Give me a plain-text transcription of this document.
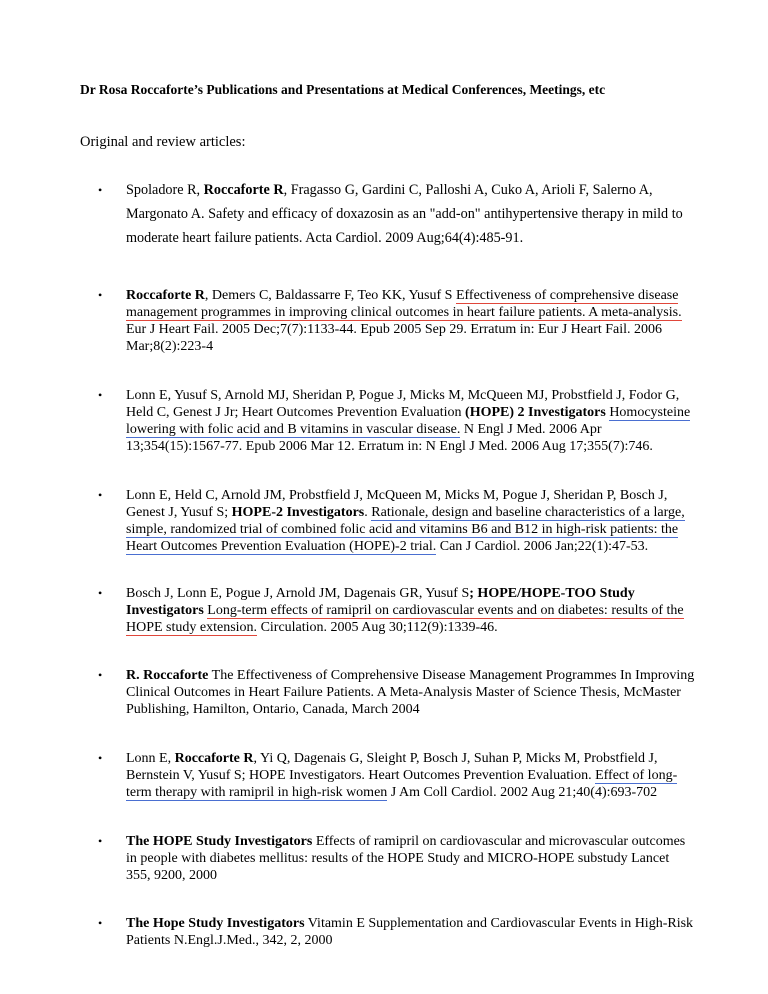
Dr Rosa Roccaforte’s Publications and Presentations at Medical Conferences, Meetings, etc
Original and review articles:
• Spoladore R, Roccaforte R, Fragasso G, Gardini C, Palloshi A, Cuko A, Arioli F, Salerno A, Margonato A. Safety and efficacy of doxazosin as an "add-on" antihypertensive therapy in mild to moderate heart failure patients. Acta Cardiol. 2009 Aug;64(4):485-91.
• Roccaforte R, Demers C, Baldassarre F, Teo KK, Yusuf S Effectiveness of comprehensive disease management programmes in improving clinical outcomes in heart failure patients. A meta-analysis. Eur J Heart Fail. 2005 Dec;7(7):1133-44. Epub 2005 Sep 29. Erratum in: Eur J Heart Fail. 2006 Mar;8(2):223-4
• Lonn E, Yusuf S, Arnold MJ, Sheridan P, Pogue J, Micks M, McQueen MJ, Probstfield J, Fodor G, Held C, Genest J Jr; Heart Outcomes Prevention Evaluation (HOPE) 2 Investigators Homocysteine lowering with folic acid and B vitamins in vascular disease. N Engl J Med. 2006 Apr 13;354(15):1567-77. Epub 2006 Mar 12. Erratum in: N Engl J Med. 2006 Aug 17;355(7):746.
• Lonn E, Held C, Arnold JM, Probstfield J, McQueen M, Micks M, Pogue J, Sheridan P, Bosch J, Genest J, Yusuf S; HOPE-2 Investigators. Rationale, design and baseline characteristics of a large, simple, randomized trial of combined folic acid and vitamins B6 and B12 in high-risk patients: the Heart Outcomes Prevention Evaluation (HOPE)-2 trial. Can J Cardiol. 2006 Jan;22(1):47-53.
• Bosch J, Lonn E, Pogue J, Arnold JM, Dagenais GR, Yusuf S; HOPE/HOPE-TOO Study Investigators Long-term effects of ramipril on cardiovascular events and on diabetes: results of the HOPE study extension. Circulation. 2005 Aug 30;112(9):1339-46.
• R. Roccaforte The Effectiveness of Comprehensive Disease Management Programmes In Improving Clinical Outcomes in Heart Failure Patients. A Meta-Analysis Master of Science Thesis, McMaster Publishing, Hamilton, Ontario, Canada, March 2004
• Lonn E, Roccaforte R, Yi Q, Dagenais G, Sleight P, Bosch J, Suhan P, Micks M, Probstfield J, Bernstein V, Yusuf S; HOPE Investigators. Heart Outcomes Prevention Evaluation. Effect of long-term therapy with ramipril in high-risk women J Am Coll Cardiol. 2002 Aug 21;40(4):693-702
• The HOPE Study Investigators Effects of ramipril on cardiovascular and microvascular outcomes in people with diabetes mellitus: results of the HOPE Study and MICRO-HOPE substudy Lancet 355, 9200, 2000
• The Hope Study Investigators Vitamin E Supplementation and Cardiovascular Events in High-Risk Patients N.Engl.J.Med., 342, 2, 2000
